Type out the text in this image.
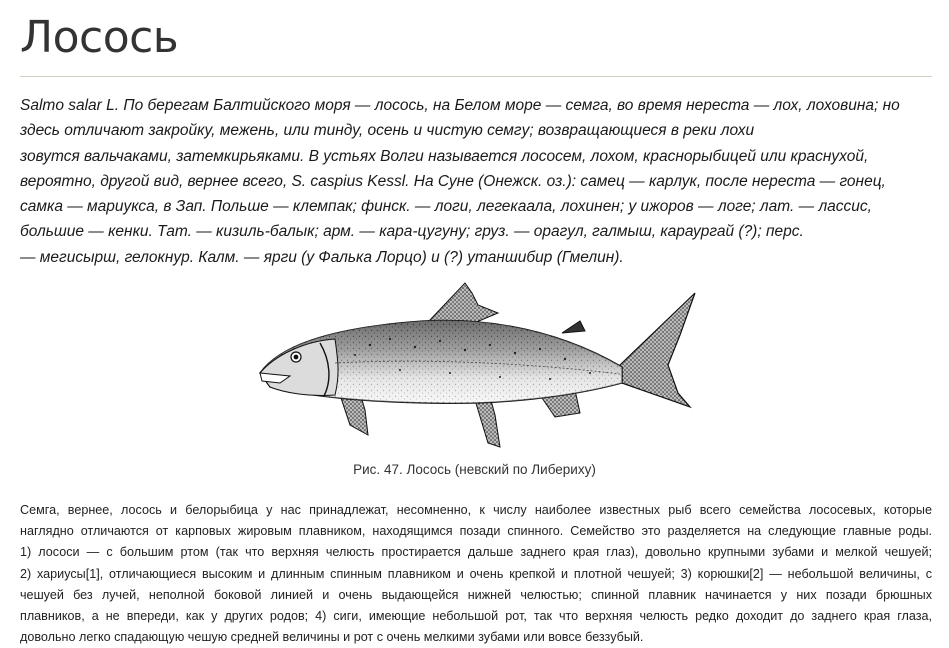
Лосось

Salmo salar L. По берегам Балтийского моря — лосось, на Белом море — семга, во время нереста — лох, лоховина; но
здесь отличают закройку, межень, или тинду, осень и чистую семгу; возвращающиеся в реки лохи
зовутся вальчаками, затемкирьяками. В устьях Волги называется лососем, лохом, краснорыбицей или краснухой,
вероятно, другой вид, вернее всего, S. caspius Kessl. На Суне (Онежск. оз.): самец — карлук, после нереста — гонец,
самка — мариукса, в Зап. Польше — клемпак; финск. — логи, легекаала, лохинен; у ижоров — логе; лат. — лассис,
большие — кенки. Тат. — кизиль-балык; арм. — кара-цугуну; груз. — орагул, галмыш, караургай (?); перс.
— мегисырш, гелокнур. Калм. — ярги (у Фалька Лорцо) и (?) утаншибир (Гмелин).

Рис. 47. Лосось (невский по Либериху)

Семга, вернее, лосось и белорыбица у нас принадлежат, несомненно, к числу наиболее известных рыб всего семейства лососевых, которые
наглядно отличаются от карповых жировым плавником, находящимся позади спинного. Семейство это разделяется на следующие главные роды.
1) лососи — с большим ртом (так что верхняя челюсть простирается дальше заднего края глаз), довольно крупными зубами и мелкой чешуей;
2) хариусы[1], отличающиеся высоким и длинным спинным плавником и очень крепкой и плотной чешуей; 3) корюшки[2] — небольшой величины, с
чешуей без лучей, неполной боковой линией и очень выдающейся нижней челюстью; спинной плавник начинается у них позади брюшных
плавников, а не впереди, как у других родов; 4) сиги, имеющие небольшой рот, так что верхняя челюсть редко доходит до заднего края глаза,
довольно легко спадающую чешую средней величины и рот с очень мелкими зубами или вовсе беззубый.
